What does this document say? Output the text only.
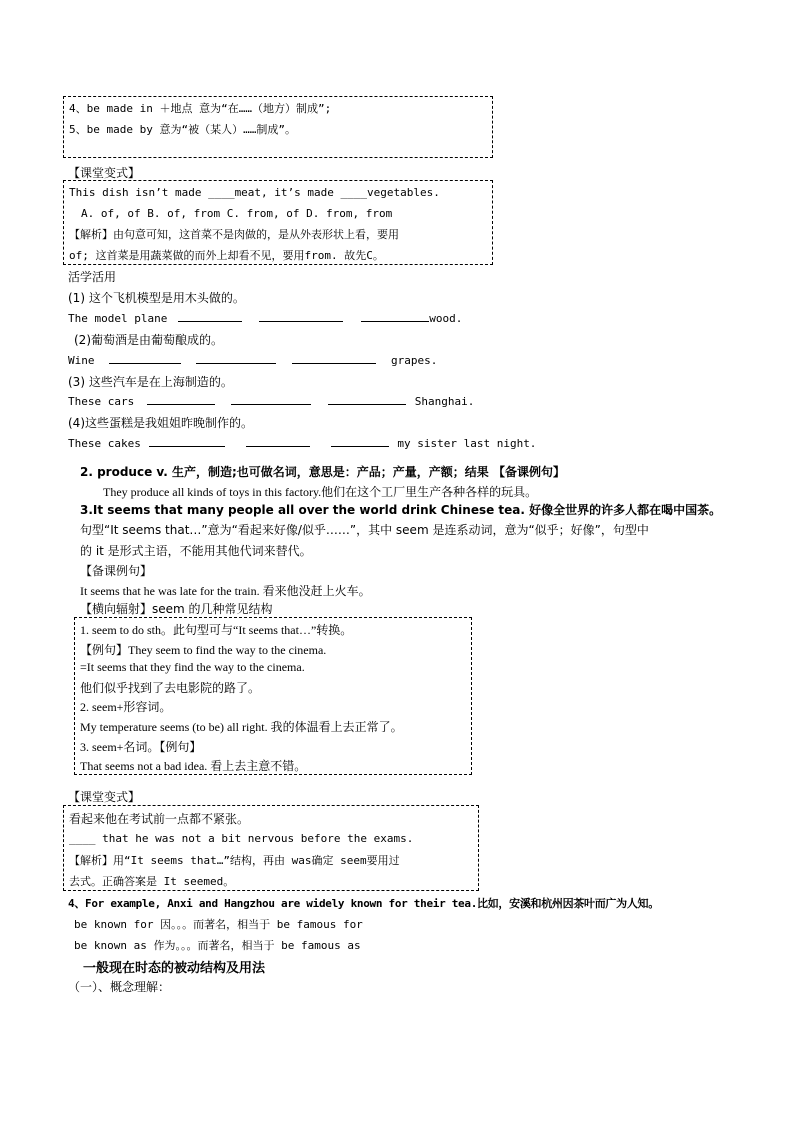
4、be made in ＋地点 意为“在……（地方）制成”;
5、be made by 意为“被（某人）……制成”。
【课堂变式】
This dish isn’t made ____meat, it’s made ____vegetables.
A. of, of B. of, from C. from, of D. from, from
【解析】由句意可知，这首菜不是肉做的，是从外表形状上看，要用
of; 这首菜是用蔬菜做的而外上却看不见，要用from. 故先C。
活学活用
(1) 这个飞机模型是用木头做的。
The model plane	wood.
(2)葡萄酒是由葡萄酿成的。
Wine	grapes.
(3) 这些汽车是在上海制造的。
These cars	Shanghai.
(4)这些蛋糕是我姐姐昨晚制作的。
These cakes	my sister last night.
2. produce v. 生产，制造;也可做名词，意思是：产品；产量，产额；结果 【备课例句】
They produce all kinds of toys in this factory.他们在这个工厂里生产各种各样的玩具。
3.It seems that many people all over the world drink Chinese tea. 好像全世界的许多人都在喝中国茶。
句型“It seems that…”意为“看起来好像/似乎……”，其中 seem 是连系动词，意为“似乎；好像”，句型中
的 it 是形式主语，不能用其他代词来替代。
【备课例句】
It seems that he was late for the train. 看来他没赶上火车。
【横向辐射】seem 的几种常见结构
1. seem to do sth。此句型可与“It seems that…”转换。
【例句】They seem to find the way to the cinema.
=It seems that they find the way to the cinema.
他们似乎找到了去电影院的路了。
2. seem+形容词。
My temperature seems (to be) all right. 我的体温看上去正常了。
3. seem+名词。【例句】
That seems not a bad idea. 看上去主意不错。
【课堂变式】
看起来他在考试前一点都不紧张。
____ that he was not a bit nervous before the exams.
【解析】用“It seems that…”结构，再由 was确定 seem要用过
去式。正确答案是 It seemed。
4、For example, Anxi and Hangzhou are widely known for their tea.比如，安溪和杭州因茶叶而广为人知。
be known for 因。。。而著名，相当于 be famous for
be known as 作为。。。而著名，相当于 be famous as
一般现在时态的被动结构及用法
（一）、概念理解：
